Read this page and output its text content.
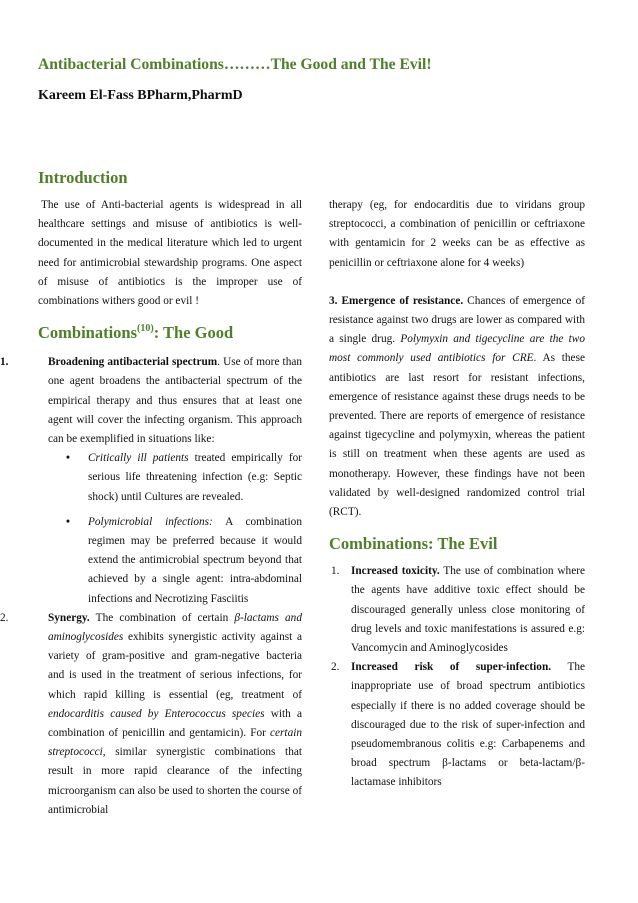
Antibacterial Combinations………The Good and The Evil!
Kareem El-Fass BPharm,PharmD
Introduction

The use of Anti-bacterial agents is widespread in all healthcare settings and misuse of antibiotics is well-documented in the medical literature which led to urgent need for antimicrobial stewardship programs. One aspect of misuse of antibiotics is the improper use of combinations withers good or evil !

Combinations$^{(10)}$: The Good
1.	Broadening antibacterial spectrum. Use of more than one agent broadens the antibacterial spectrum of the empirical therapy and thus ensures that at least one agent will cover the infecting organism. This approach can be exemplified in situations like:
• Critically ill patients treated empirically for serious life threatening infection (e.g: Septic shock) until Cultures are revealed.
• Polymicrobial infections: A combination regimen may be preferred because it would extend the antimicrobial spectrum beyond that achieved by a single agent: intra-abdominal infections and Necrotizing Fasciitis
2.	Synergy. The combination of certain β-lactams and aminoglycosides exhibits synergistic activity against a variety of gram-positive and gram-negative bacteria and is used in the treatment of serious infections, for which rapid killing is essential (eg, treatment of endocarditis caused by Enterococcus species with a combination of penicillin and gentamicin). For certain streptococci, similar synergistic combinations that result in more rapid clearance of the infecting microorganism can also be used to shorten the course of antimicrobial

therapy (eg, for endocarditis due to viridans group streptococci, a combination of penicillin or ceftriaxone with gentamicin for 2 weeks can be as effective as penicillin or ceftriaxone alone for 4 weeks)

3. Emergence of resistance. Chances of emergence of resistance against two drugs are lower as compared with a single drug. Polymyxin and tigecycline are the two most commonly used antibiotics for CRE. As these antibiotics are last resort for resistant infections, emergence of resistance against these drugs needs to be prevented. There are reports of emergence of resistance against tigecycline and polymyxin, whereas the patient is still on treatment when these agents are used as monotherapy. However, these findings have not been validated by well-designed randomized control trial (RCT).

Combinations: The Evil
1. Increased toxicity. The use of combination where the agents have additive toxic effect should be discouraged generally unless close monitoring of drug levels and toxic manifestations is assured e.g: Vancomycin and Aminoglycosides
2. Increased risk of super-infection. The inappropriate use of broad spectrum antibiotics especially if there is no added coverage should be discouraged due to the risk of super-infection and pseudomembranous colitis e.g: Carbapenems and broad spectrum β-lactams or beta-lactam/β-lactamase inhibitors
